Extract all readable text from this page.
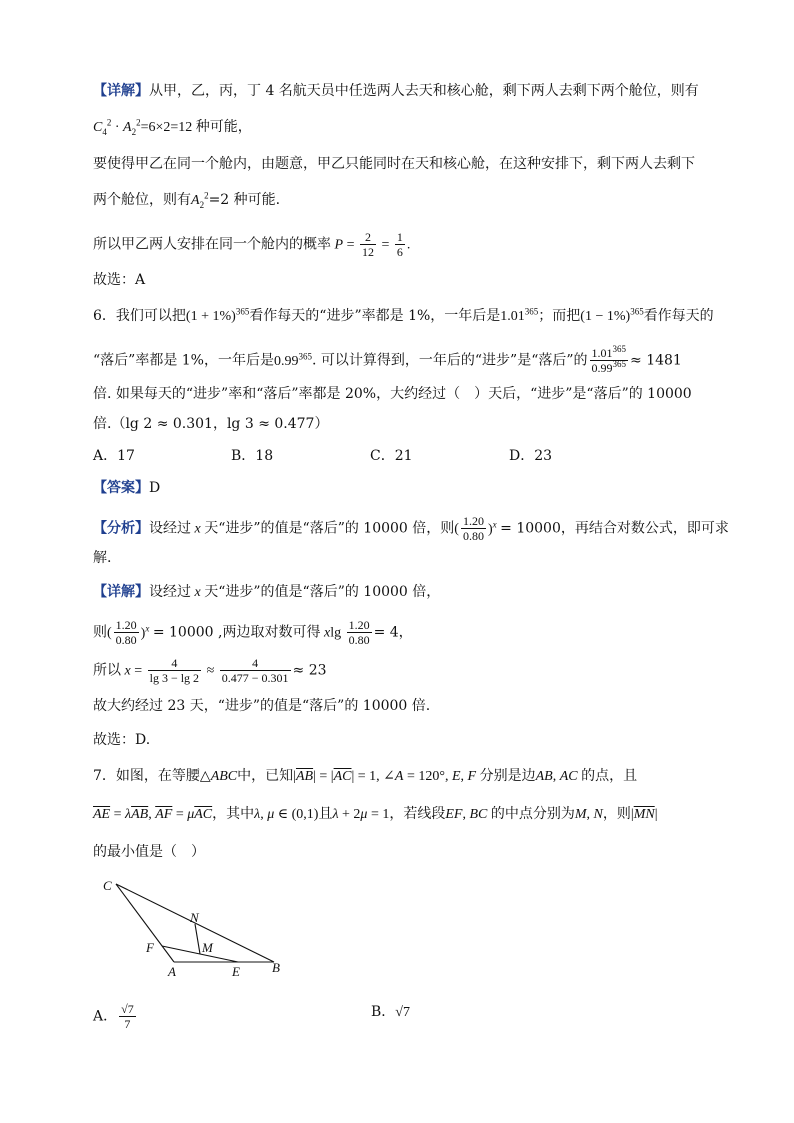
【详解】从甲，乙，丙，丁 4 名航天员中任选两人去天和核心舱，剩下两人去剩下两个舱位，则有
$C_4^2 \cdot A_2^2=6\times 2=12$ 种可能，
要使得甲乙在同一个舱内，由题意，甲乙只能同时在天和核心舱，在这种安排下，剩下两人去剩下
两个舱位，则有$A_2^2=2$ 种可能.
所以甲乙两人安排在同一个舱内的概率 $P = \frac{2}{12} = \frac{1}{6}$ .
故选：A
6．我们可以把$(1 + 1\%)^{365}$看作每天的“进步”率都是 1%，一年后是1.01$^{365}$；而把$(1 - 1\%)^{365}$看作每天的
“落后”率都是 1%，一年后是0.99$^{365}$. 可以计算得到，一年后的“进步”是“落后”的 $\frac{1.01^{365}}{0.99^{365}} \approx 1481$
倍. 如果每天的“进步”率和“落后”率都是 20%，大约经过（　）天后，“进步”是“落后”的 10000
倍.（lg 2 ≈ 0.301，lg 3 ≈ 0.477）
A．17	B．18	C．21	D．23
【答案】D
【分析】设经过 x 天“进步”的值是“落后”的 10000 倍，则( $\frac{1.20}{0.80} )^x = 10000$，再结合对数公式，即可求
解.
【详解】设经过 x 天“进步”的值是“落后”的 10000 倍，
则( $\frac{1.20}{0.80} )^x = 10000$ ,两边取对数可得 xlg $\frac{1.20}{0.80} = 4$，
所以 $x = \frac{4}{\lg 3 - \lg 2} \approx \frac{4}{0.477 - 0.301} \approx 23$
故大约经过 23 天，“进步”的值是“落后”的 10000 倍.
故选：D.
7．如图，在等腰△ABC中，已知$|\overline{AB}| = |\overline{AC}| = 1$, ∠A = 120°, E, F 分别是边AB, AC 的点，且
$\overline{AE} = \lambda\overline{AB}$, $\overline{AF} = \mu\overline{AC}$，其中λ, μ ∈ (0,1)且λ + 2μ = 1，若线段EF, BC 的中点分别为M, N，则$|\overline{MN}|$
的最小值是（　）
C
N
M
F
A	E B
A． $\frac{√7}{7}$	B．√7
